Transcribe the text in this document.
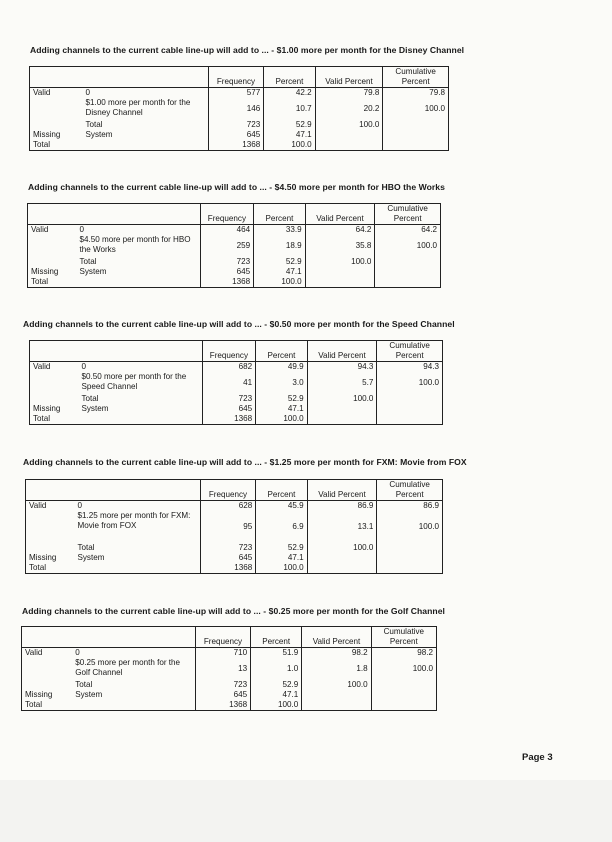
Adding channels to the current cable line-up will add to ... - $1.00 more per month for the Disney Channel
		Frequency	Percent	Valid Percent	Cumulative Percent
Valid	0	577	42.2	79.8	79.8
	$1.00 more per month for the Disney Channel	146	10.7	20.2	100.0
	Total	723	52.9	100.0	
Missing	System	645	47.1		
Total		1368	100.0		
Adding channels to the current cable line-up will add to ... - $4.50 more per month for HBO the Works
		Frequency	Percent	Valid Percent	Cumulative Percent
Valid	0	464	33.9	64.2	64.2
	$4.50 more per month for HBO the Works	259	18.9	35.8	100.0
	Total	723	52.9	100.0	
Missing	System	645	47.1		
Total		1368	100.0		
Adding channels to the current cable line-up will add to ... - $0.50 more per month for the Speed Channel
		Frequency	Percent	Valid Percent	Cumulative Percent
Valid	0	682	49.9	94.3	94.3
	$0.50 more per month for the Speed Channel	41	3.0	5.7	100.0
	Total	723	52.9	100.0	
Missing	System	645	47.1		
Total		1368	100.0		
Adding channels to the current cable line-up will add to ... - $1.25 more per month for FXM: Movie from FOX
		Frequency	Percent	Valid Percent	Cumulative Percent
Valid	0	628	45.9	86.9	86.9
	$1.25 more per month for FXM: Movie from FOX	95	6.9	13.1	100.0
	Total	723	52.9	100.0	
Missing	System	645	47.1		
Total		1368	100.0		
Adding channels to the current cable line-up will add to ... - $0.25 more per month for the Golf Channel
		Frequency	Percent	Valid Percent	Cumulative Percent
Valid	0	710	51.9	98.2	98.2
	$0.25 more per month for the Golf Channel	13	1.0	1.8	100.0
	Total	723	52.9	100.0	
Missing	System	645	47.1		
Total		1368	100.0		
Page 3
